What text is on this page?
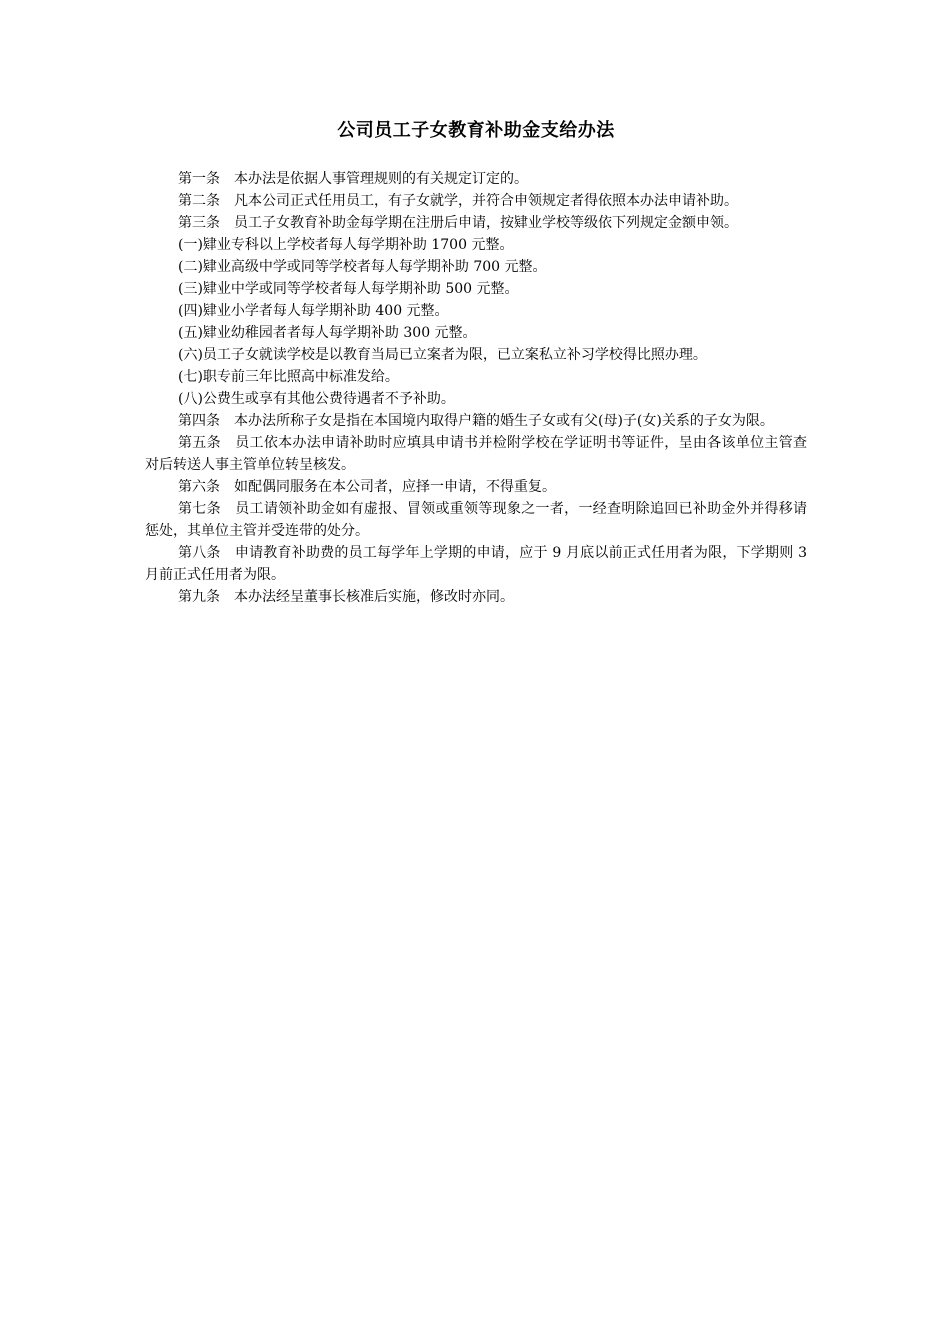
公司员工子女教育补助金支给办法

第一条　本办法是依据人事管理规则的有关规定订定的。

第二条　凡本公司正式任用员工，有子女就学，并符合申领规定者得依照本办法申请补助。

第三条　员工子女教育补助金每学期在注册后申请，按肄业学校等级依下列规定金额申领。

(一)肄业专科以上学校者每人每学期补助 1700 元整。

(二)肄业高级中学或同等学校者每人每学期补助 700 元整。

(三)肄业中学或同等学校者每人每学期补助 500 元整。

(四)肄业小学者每人每学期补助 400 元整。

(五)肄业幼稚园者者每人每学期补助 300 元整。

(六)员工子女就读学校是以教育当局已立案者为限，已立案私立补习学校得比照办理。

(七)职专前三年比照高中标准发给。

(八)公费生或享有其他公费待遇者不予补助。

第四条　本办法所称子女是指在本国境内取得户籍的婚生子女或有父(母)子(女)关系的子女为限。

第五条　员工依本办法申请补助时应填具申请书并检附学校在学证明书等证件，呈由各该单位主管查对后转送人事主管单位转呈核发。

第六条　如配偶同服务在本公司者，应择一申请，不得重复。

第七条　员工请领补助金如有虚报、冒领或重领等现象之一者，一经查明除追回已补助金外并得移请惩处，其单位主管并受连带的处分。

第八条　申请教育补助费的员工每学年上学期的申请，应于 9 月底以前正式任用者为限，下学期则 3 月前正式任用者为限。

第九条　本办法经呈董事长核准后实施，修改时亦同。
